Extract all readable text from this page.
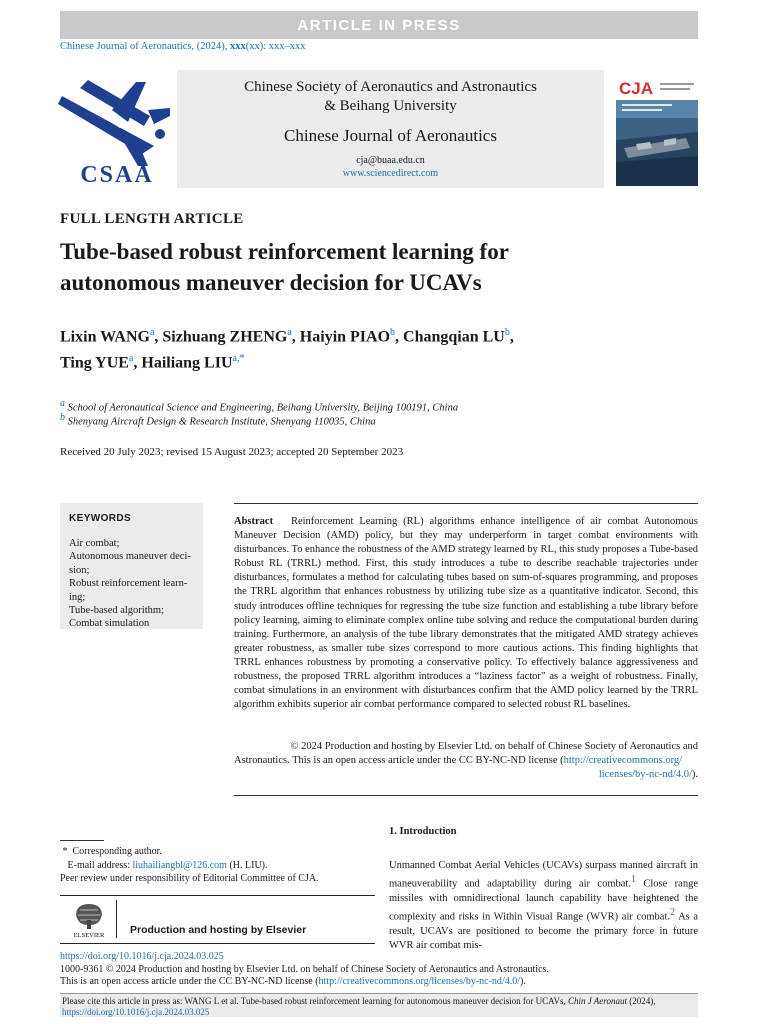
ARTICLE IN PRESS
Chinese Journal of Aeronautics, (2024), xxx(xx): xxx–xxx
CSAA
Chinese Society of Aeronautics and Astronautics
& Beihang University
Chinese Journal of Aeronautics
cja@buaa.edu.cn
www.sciencedirect.com
CJA
FULL LENGTH ARTICLE
Tube-based robust reinforcement learning for
autonomous maneuver decision for UCAVs
Lixin WANG$^a$, Sizhuang ZHENG$^a$, Haiyin PIAO$^b$, Changqian $LU^b$,
Ting YUE$^a$, Hailiang $LIU^{a,*}$
$^a$ School of Aeronautical Science and Engineering, Beihang University, Beijing 100191, China
$^b$ Shenyang Aircraft Design & Research Institute, Shenyang 110035, China
Received 20 July 2023; revised 15 August 2023; accepted 20 September 2023
KEYWORDS
Air combat;
Autonomous maneuver deci-
sion;
Robust reinforcement learn-
ing;
Tube-based algorithm;
Combat simulation
Abstract Reinforcement Learning (RL) algorithms enhance intelligence of air combat Autonomous Maneuver Decision (AMD) policy, but they may underperform in target combat environments with disturbances. To enhance the robustness of the AMD strategy learned by RL, this study proposes a Tube-based Robust RL (TRRL) method. First, this study introduces a tube to describe reachable trajectories under disturbances, formulates a method for calculating tubes based on sum-of-squares programming, and proposes the TRRL algorithm that enhances robustness by utilizing tube size as a quantitative indicator. Second, this study introduces offline techniques for regressing the tube size function and establishing a tube library before policy learning, aiming to eliminate complex online tube solving and reduce the computational burden during training. Furthermore, an analysis of the tube library demonstrates that the mitigated AMD strategy achieves greater robustness, as smaller tube sizes correspond to more cautious actions. This finding highlights that TRRL enhances robustness by promoting a conservative policy. To effectively balance aggressiveness and robustness, the proposed TRRL algorithm introduces a “laziness factor” as a weight of robustness. Finally, combat simulations in an environment with disturbances confirm that the AMD policy learned by the TRRL algorithm exhibits superior air combat performance compared to selected robust RL baselines.
© 2024 Production and hosting by Elsevier Ltd. on behalf of Chinese Society of Aeronautics and
Astronautics. This is an open access article under the CC BY-NC-ND license (http://creativecommons.org/
licenses/by-nc-nd/4.0/).
1. Introduction
Unmanned Combat Aerial Vehicles (UCAVs) surpass manned aircraft in maneuverability and adaptability during air combat.$^1$ Close range missiles with omnidirectional launch capability have heightened the complexity and risks in Within Visual Range (WVR) air combat.$^2$ As a result, UCAVs are positioned to become the primary force in future WVR air combat mis-
* Corresponding author.
E-mail address: liuhailiangbl@126.com (H. LIU).
Peer review under responsibility of Editorial Committee of CJA.
ELSEVIER Production and hosting by Elsevier
https://doi.org/10.1016/j.cja.2024.03.025
1000-9361 © 2024 Production and hosting by Elsevier Ltd. on behalf of Chinese Society of Aeronautics and Astronautics.
This is an open access article under the CC BY-NC-ND license (http://creativecommons.org/licenses/by-nc-nd/4.0/).
Please cite this article in press as: WANG L et al. Tube-based robust reinforcement learning for autonomous maneuver decision for UCAVs, Chin J Aeronaut (2024),
https://doi.org/10.1016/j.cja.2024.03.025
